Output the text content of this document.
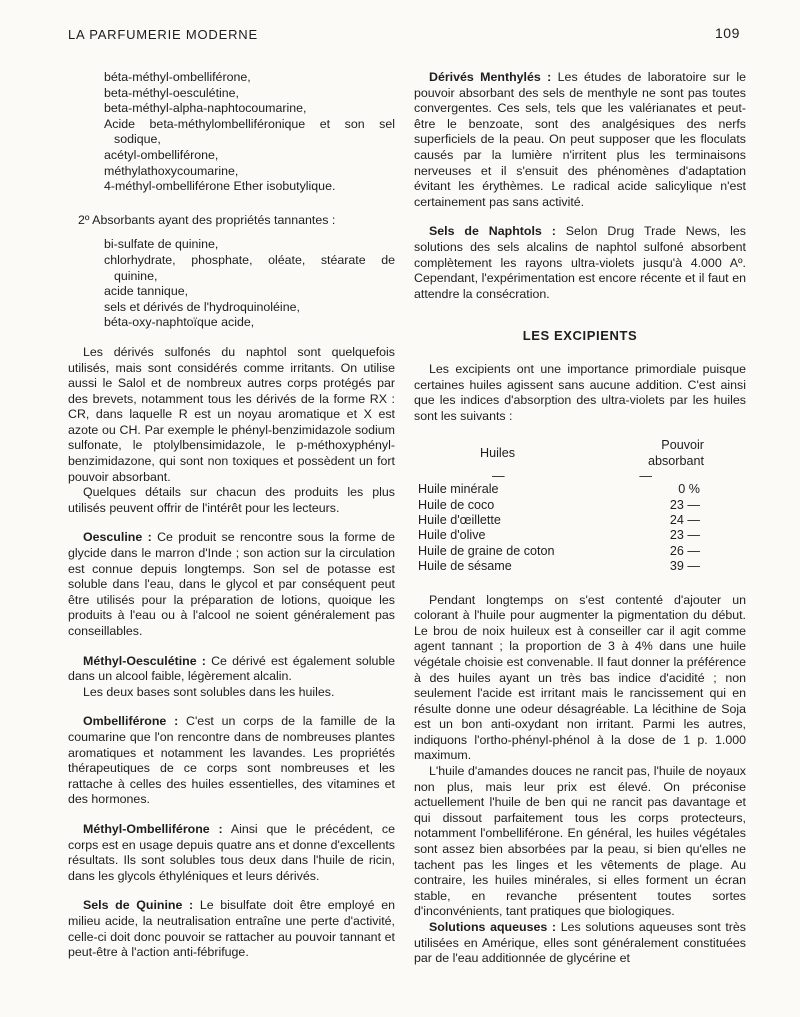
LA PARFUMERIE MODERNE	109
béta-méthyl-ombelliférone,
beta-méthyl-oesculétine,
beta-méthyl-alpha-naphtocoumarine,
Acide beta-méthylombelliféronique et son sel
sodique,
acétyl-ombelliférone,
méthylathoxycoumarine,
4-méthyl-ombelliférone Ether isobutylique.
2º Absorbants ayant des propriétés tannantes :
bi-sulfate de quinine,
chlorhydrate, phosphate, oléate, stéarate de
quinine,
acide tannique,
sels et dérivés de l'hydroquinoléine,
béta-oxy-naphtoïque acide,

Les dérivés sulfonés du naphtol sont quelquefois utilisés, mais sont considérés comme irritants. On utilise aussi le Salol et de nombreux autres corps protégés par des brevets, notamment tous les dérivés de la forme RX : CR, dans laquelle R est un noyau aromatique et X est azote ou CH. Par exemple le phényl-benzimidazole sodium sulfonate, le ptolylbensimidazole, le p-méthoxyphényl-benzimidazone, qui sont non toxiques et possèdent un fort pouvoir absorbant.

Quelques détails sur chacun des produits les plus utilisés peuvent offrir de l'intérêt pour les lecteurs.

Oesculine : Ce produit se rencontre sous la forme de glycide dans le marron d'Inde ; son action sur la circulation est connue depuis longtemps. Son sel de potasse est soluble dans l'eau, dans le glycol et par conséquent peut être utilisés pour la préparation de lotions, quoique les produits à l'eau ou à l'alcool ne soient généralement pas conseillables.

Méthyl-Oesculétine : Ce dérivé est également soluble dans un alcool faible, légèrement alcalin.

Les deux bases sont solubles dans les huiles.

Ombelliférone : C'est un corps de la famille de la coumarine que l'on rencontre dans de nombreuses plantes aromatiques et notamment les lavandes. Les propriétés thérapeutiques de ce corps sont nombreuses et les rattache à celles des huiles essentielles, des vitamines et des hormones.

Méthyl-Ombelliférone : Ainsi que le précédent, ce corps est en usage depuis quatre ans et donne d'excellents résultats. Ils sont solubles tous deux dans l'huile de ricin, dans les glycols éthyléniques et leurs dérivés.

Sels de Quinine : Le bisulfate doit être employé en milieu acide, la neutralisation entraîne une perte d'activité, celle-ci doit donc pouvoir se rattacher au pouvoir tannant et peut-être à l'action anti-fébrifuge.

Dérivés Menthylés : Les études de laboratoire sur le pouvoir absorbant des sels de menthyle ne sont pas toutes convergentes. Ces sels, tels que les valérianates et peut-être le benzoate, sont des analgésiques des nerfs superficiels de la peau. On peut supposer que les floculats causés par la lumière n'irritent plus les terminaisons nerveuses et il s'ensuit des phénomènes d'adaptation évitant les érythèmes. Le radical acide salicylique n'est certainement pas sans activité.

Sels de Naphtols : Selon Drug Trade News, les solutions des sels alcalins de naphtol sulfoné absorbent complètement les rayons ultra-violets jusqu'à 4.000 Aº. Cependant, l'expérimentation est encore récente et il faut en attendre la consécration.

LES EXCIPIENTS

Les excipients ont une importance primordiale puisque certaines huiles agissent sans aucune addition. C'est ainsi que les indices d'absorption des ultra-violets par les huiles sont les suivants :

Huiles	Pouvoir absorbant
—	—
Huile minérale	0 %
Huile de coco	23 —
Huile d'œillette	24 —
Huile d'olive	23 —
Huile de graine de coton	26 —
Huile de sésame	39 —

Pendant longtemps on s'est contenté d'ajouter un colorant à l'huile pour augmenter la pigmentation du début. Le brou de noix huileux est à conseiller car il agit comme agent tannant ; la proportion de 3 à 4% dans une huile végétale choisie est convenable. Il faut donner la préférence à des huiles ayant un très bas indice d'acidité ; non seulement l'acide est irritant mais le rancissement qui en résulte donne une odeur désagréable. La lécithine de Soja est un bon anti-oxydant non irritant. Parmi les autres, indiquons l'ortho-phényl-phénol à la dose de 1 p. 1.000 maximum.

L'huile d'amandes douces ne rancit pas, l'huile de noyaux non plus, mais leur prix est élevé. On préconise actuellement l'huile de ben qui ne rancit pas davantage et qui dissout parfaitement tous les corps protecteurs, notamment l'ombelliférone. En général, les huiles végétales sont assez bien absorbées par la peau, si bien qu'elles ne tachent pas les linges et les vêtements de plage. Au contraire, les huiles minérales, si elles forment un écran stable, en revanche présentent toutes sortes d'inconvénients, tant pratiques que biologiques.

Solutions aqueuses : Les solutions aqueuses sont très utilisées en Amérique, elles sont généralement constituées par de l'eau additionnée de glycérine et
